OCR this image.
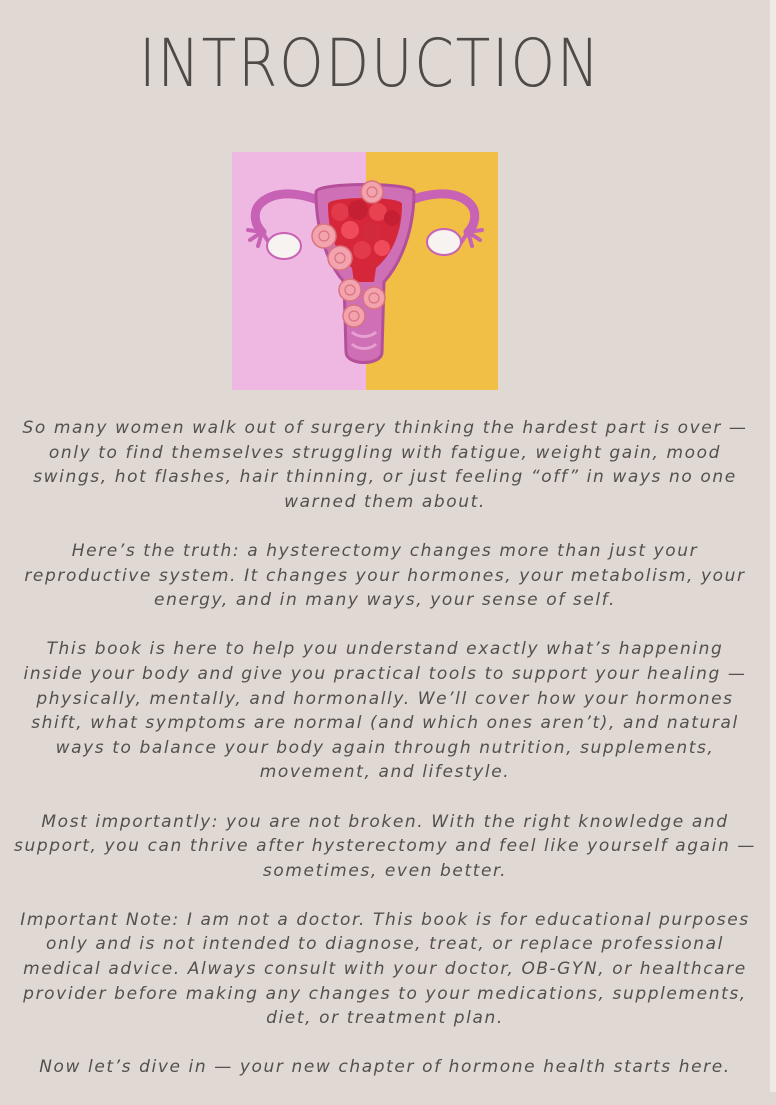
INTRODUCTION

So many women walk out of surgery thinking the hardest part is over — only to find themselves struggling with fatigue, weight gain, mood swings, hot flashes, hair thinning, or just feeling “off” in ways no one warned them about.

Here’s the truth: a hysterectomy changes more than just your reproductive system. It changes your hormones, your metabolism, your energy, and in many ways, your sense of self.

This book is here to help you understand exactly what’s happening inside your body and give you practical tools to support your healing — physically, mentally, and hormonally. We’ll cover how your hormones shift, what symptoms are normal (and which ones aren’t), and natural ways to balance your body again through nutrition, supplements, movement, and lifestyle.

Most importantly: you are not broken. With the right knowledge and support, you can thrive after hysterectomy and feel like yourself again — sometimes, even better.

Important Note: I am not a doctor. This book is for educational purposes only and is not intended to diagnose, treat, or replace professional medical advice. Always consult with your doctor, OB-GYN, or healthcare provider before making any changes to your medications, supplements, diet, or treatment plan.

Now let’s dive in — your new chapter of hormone health starts here.
